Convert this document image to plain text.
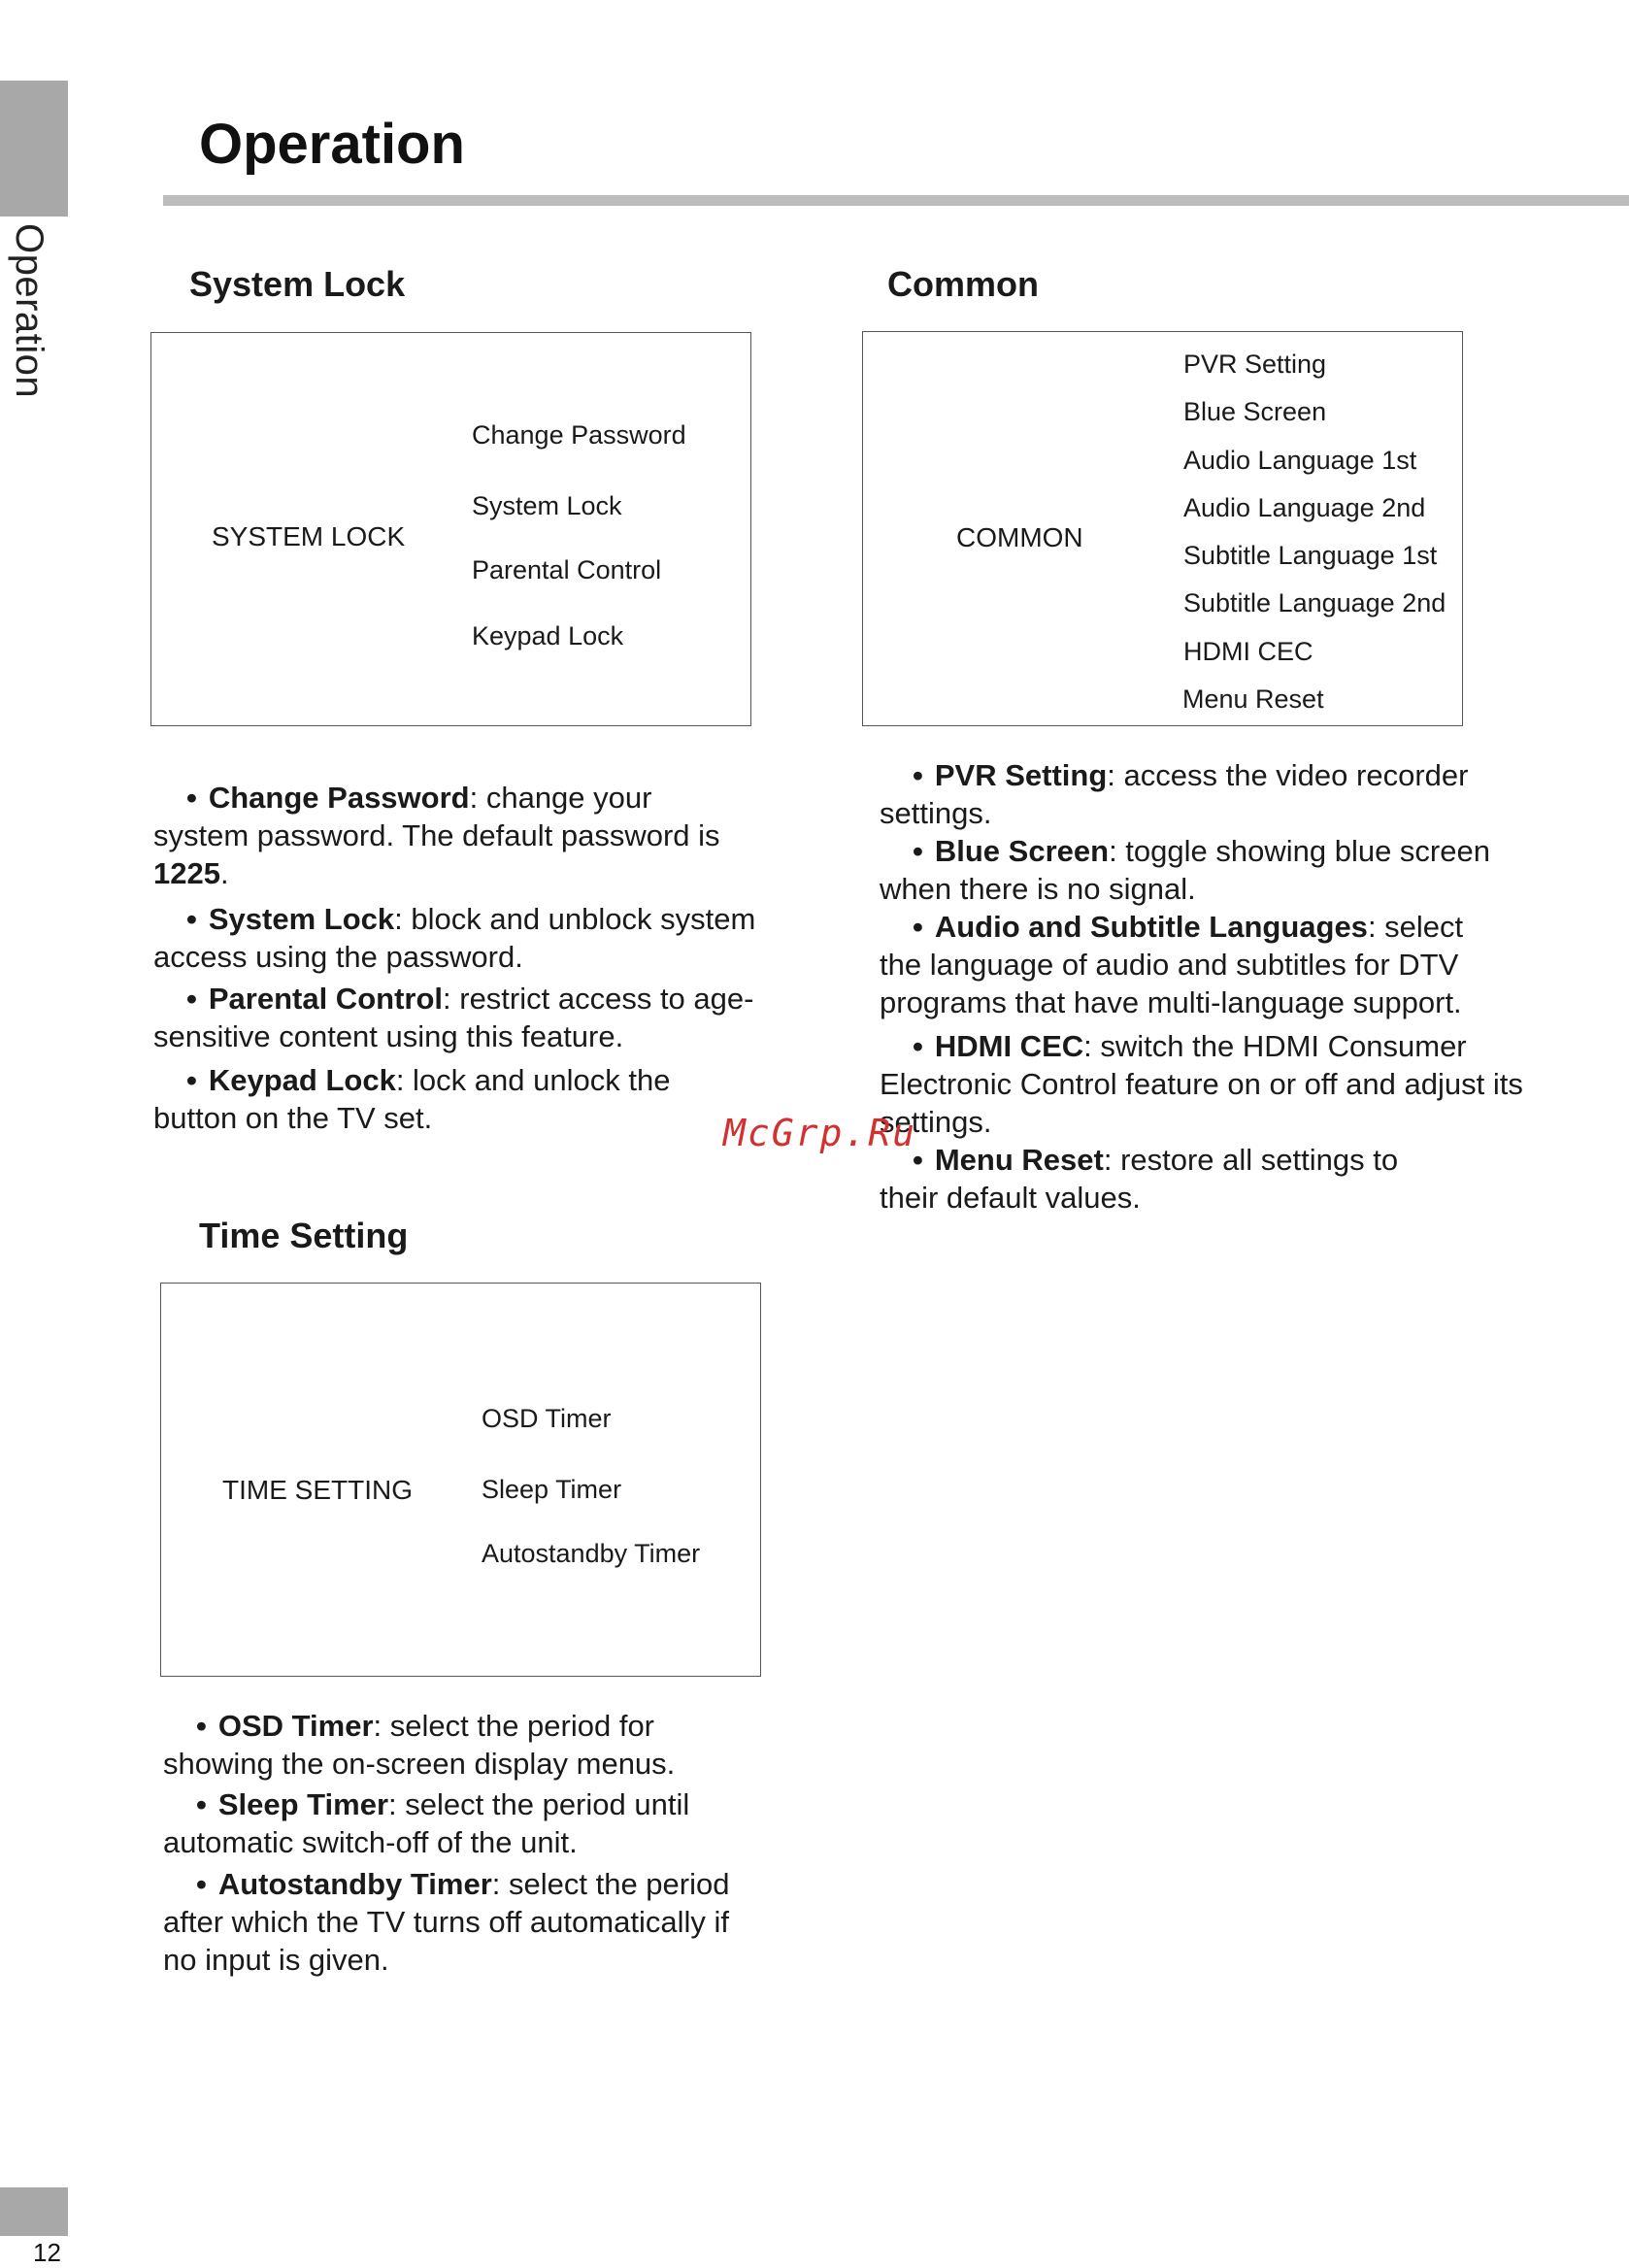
Operation
Operation
System Lock
SYSTEM LOCK
Change Password
System Lock
Parental Control
Keypad Lock
• Change Password: change your
system password. The default password is
1225.
• System Lock: block and unblock system
access using the password.
• Parental Control: restrict access to age-
sensitive content using this feature.
• Keypad Lock: lock and unlock the
button on the TV set.
Common
COMMON
PVR Setting
Blue Screen
Audio Language 1st
Audio Language 2nd
Subtitle Language 1st
Subtitle Language 2nd
HDMI CEC
Menu Reset
• PVR Setting: access the video recorder
settings.
• Blue Screen: toggle showing blue screen
when there is no signal.
• Audio and Subtitle Languages: select
the language of audio and subtitles for DTV
programs that have multi-language support.
• HDMI CEC: switch the HDMI Consumer
Electronic Control feature on or off and adjust its
settings.
• Menu Reset: restore all settings to
their default values.
Time Setting
TIME SETTING
OSD Timer
Sleep Timer
Autostandby Timer
• OSD Timer: select the period for
showing the on-screen display menus.
• Sleep Timer: select the period until
automatic switch-off of the unit.
• Autostandby Timer: select the period
after which the TV turns off automatically if
no input is given.
McGrp.Ru
12
